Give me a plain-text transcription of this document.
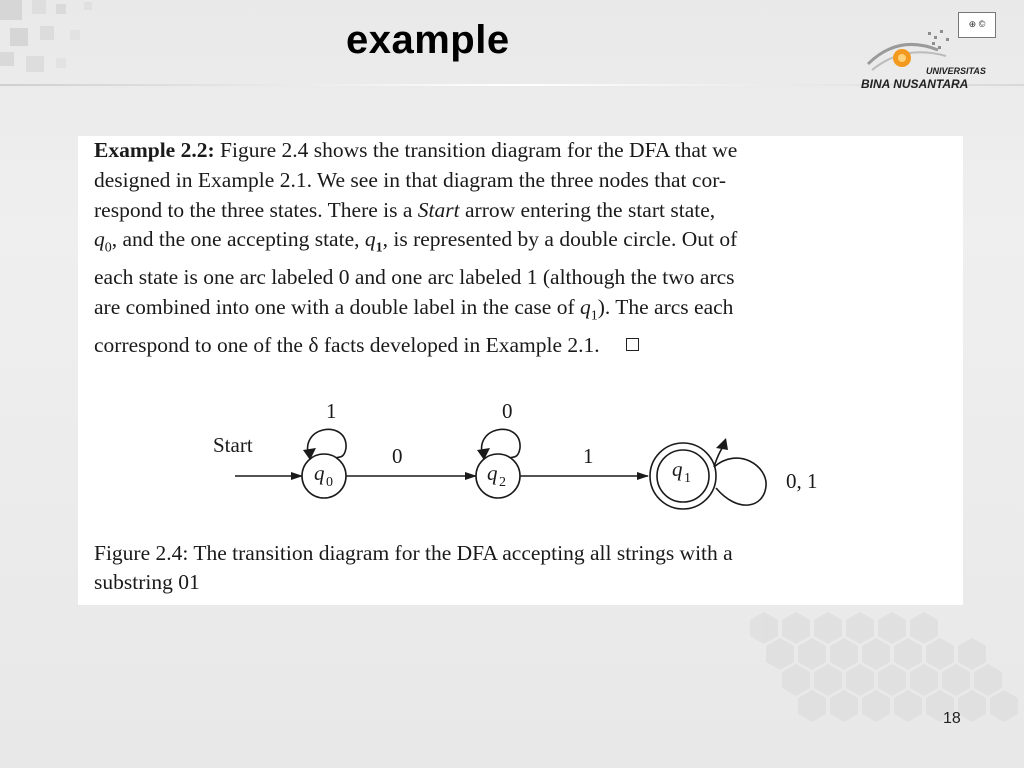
example	⊕ ©
UNIVERSITAS
BINA NUSANTARA
Example 2.2: Figure 2.4 shows the transition diagram for the DFA that we
designed in Example 2.1. We see in that diagram the three nodes that cor-
respond to the three states. There is a Start arrow entering the start state,
$q_0$, and the one accepting state, $q_1$, is represented by a double circle. Out of
each state is one arc labeled 0 and one arc labeled 1 (although the two arcs
are combined into one with a double label in the case of $q_1$). The arcs each
correspond to one of the δ facts developed in Example 2.1.
Start
q 0
1
0
q 2
0
1
q 1	0, 1
Figure 2.4: The transition diagram for the DFA accepting all strings with a
substring 01
18
